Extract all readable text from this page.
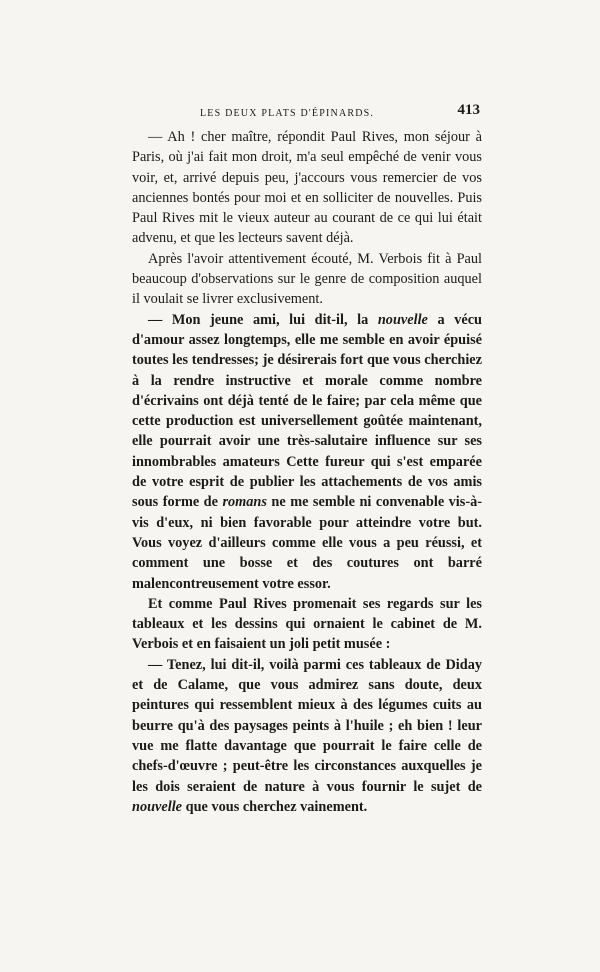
LES DEUX PLATS D'ÉPINARDS.	413

— Ah ! cher maître, répondit Paul Rives, mon séjour à Paris, où j'ai fait mon droit, m'a seul empêché de venir vous voir, et, arrivé depuis peu, j'accours vous remercier de vos anciennes bontés pour moi et en solliciter de nouvelles. Puis Paul Rives mit le vieux auteur au courant de ce qui lui était advenu, et que les lecteurs savent déjà.

Après l'avoir attentivement écouté, M. Verbois fit à Paul beaucoup d'observations sur le genre de composition auquel il voulait se livrer exclusivement.

— Mon jeune ami, lui dit-il, la nouvelle a vécu d'amour assez longtemps, elle me semble en avoir épuisé toutes les tendresses; je désirerais fort que vous cherchiez à la rendre instructive et morale comme nombre d'écrivains ont déjà tenté de le faire; par cela même que cette production est universellement goûtée maintenant, elle pourrait avoir une très-salutaire influence sur ses innombrables amateurs Cette fureur qui s'est emparée de votre esprit de publier les attachements de vos amis sous forme de romans ne me semble ni convenable vis-à-vis d'eux, ni bien favorable pour atteindre votre but. Vous voyez d'ailleurs comme elle vous a peu réussi, et comment une bosse et des coutures ont barré malencontreusement votre essor.

Et comme Paul Rives promenait ses regards sur les tableaux et les dessins qui ornaient le cabinet de M. Verbois et en faisaient un joli petit musée :

— Tenez, lui dit-il, voilà parmi ces tableaux de Diday et de Calame, que vous admirez sans doute, deux peintures qui ressemblent mieux à des légumes cuits au beurre qu'à des paysages peints à l'huile ; eh bien ! leur vue me flatte davantage que pourrait le faire celle de chefs-d'œuvre ; peut-être les circonstances auxquelles je les dois seraient de nature à vous fournir le sujet de nouvelle que vous cherchez vainement.
